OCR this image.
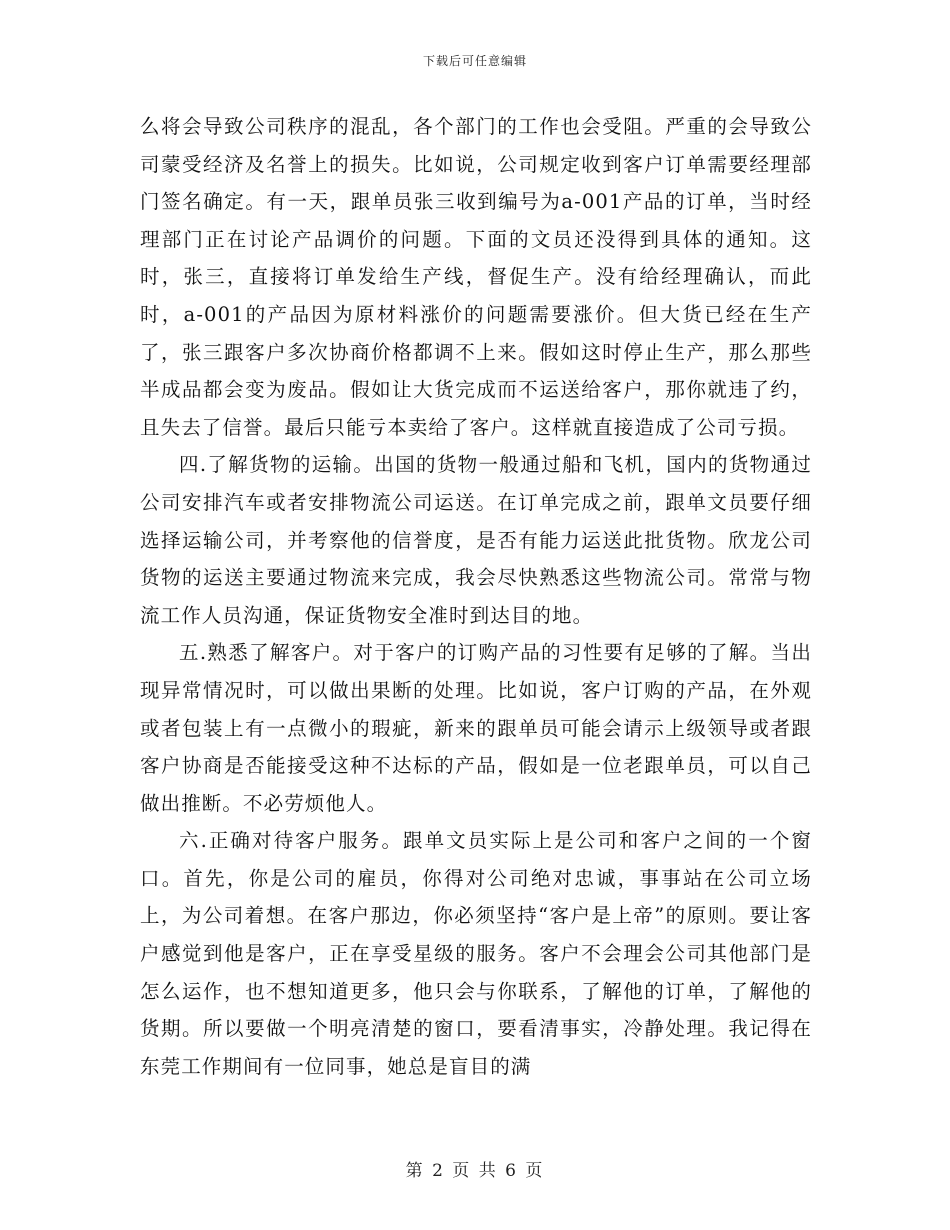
下载后可任意编辑

么将会导致公司秩序的混乱，各个部门的工作也会受阻。严重的会导致公司蒙受经济及名誉上的损失。比如说，公司规定收到客户订单需要经理部门签名确定。有一天，跟单员张三收到编号为a-001产品的订单，当时经理部门正在讨论产品调价的问题。下面的文员还没得到具体的通知。这时，张三，直接将订单发给生产线，督促生产。没有给经理确认，而此时，a-001的产品因为原材料涨价的问题需要涨价。但大货已经在生产了，张三跟客户多次协商价格都调不上来。假如这时停止生产，那么那些半成品都会变为废品。假如让大货完成而不运送给客户，那你就违了约，且失去了信誉。最后只能亏本卖给了客户。这样就直接造成了公司亏损。

四.了解货物的运输。出国的货物一般通过船和飞机，国内的货物通过公司安排汽车或者安排物流公司运送。在订单完成之前，跟单文员要仔细选择运输公司，并考察他的信誉度，是否有能力运送此批货物。欣龙公司货物的运送主要通过物流来完成，我会尽快熟悉这些物流公司。常常与物流工作人员沟通，保证货物安全准时到达目的地。

五.熟悉了解客户。对于客户的订购产品的习性要有足够的了解。当出现异常情况时，可以做出果断的处理。比如说，客户订购的产品，在外观或者包装上有一点微小的瑕疵，新来的跟单员可能会请示上级领导或者跟客户协商是否能接受这种不达标的产品，假如是一位老跟单员，可以自己做出推断。不必劳烦他人。

六.正确对待客户服务。跟单文员实际上是公司和客户之间的一个窗口。首先，你是公司的雇员，你得对公司绝对忠诚，事事站在公司立场上，为公司着想。在客户那边，你必须坚持“客户是上帝”的原则。要让客户感觉到他是客户，正在享受星级的服务。客户不会理会公司其他部门是怎么运作，也不想知道更多，他只会与你联系，了解他的订单，了解他的货期。所以要做一个明亮清楚的窗口，要看清事实，冷静处理。我记得在东莞工作期间有一位同事，她总是盲目的满

第 2 页 共 6 页
